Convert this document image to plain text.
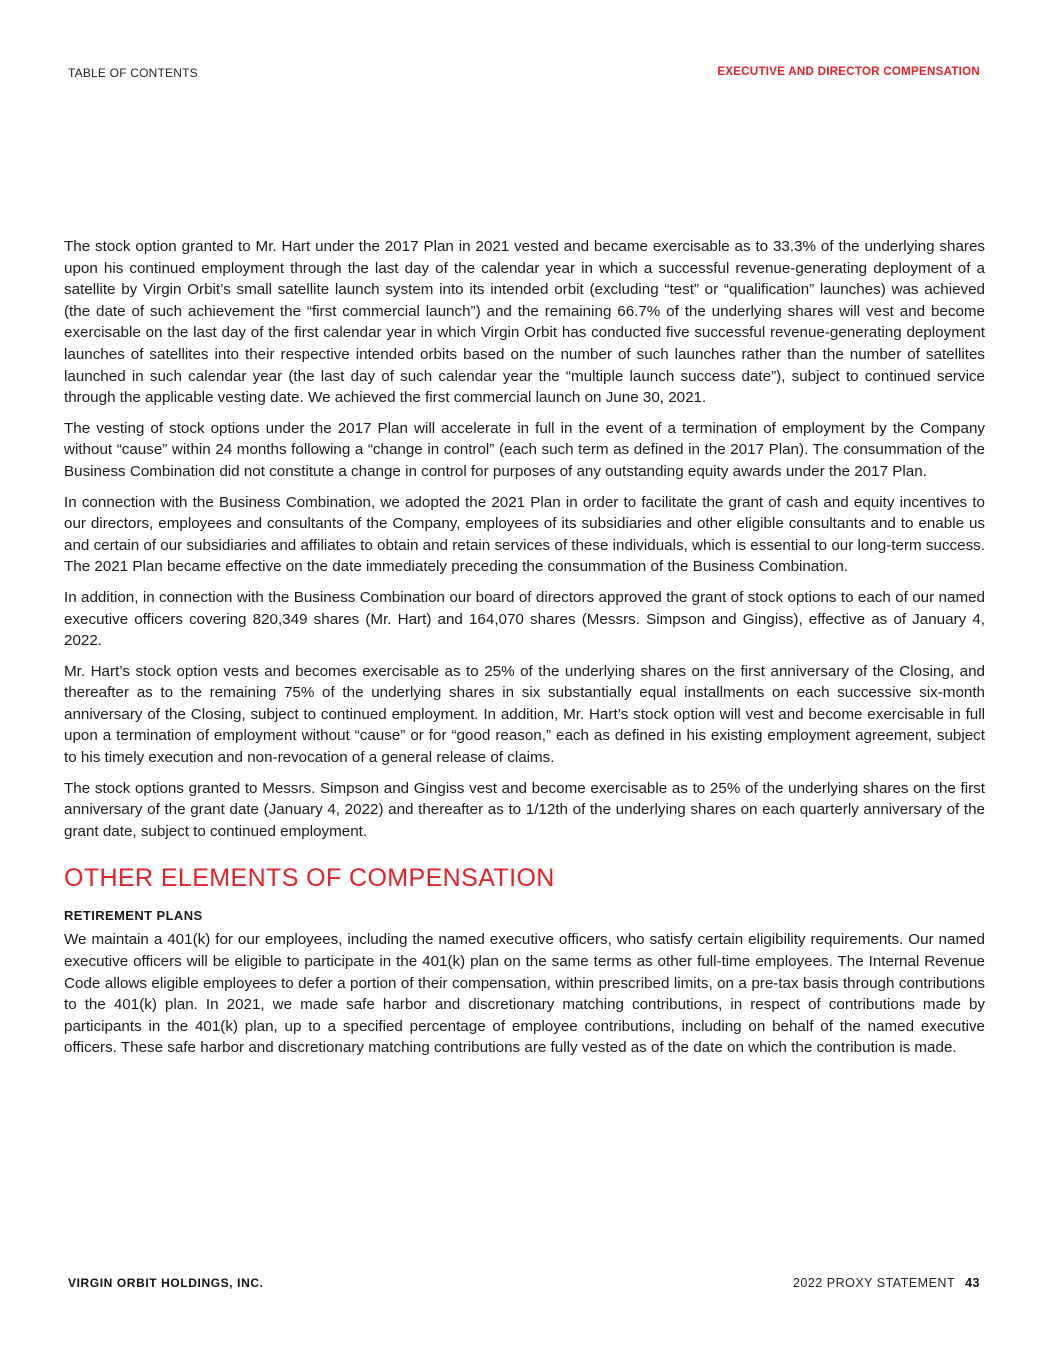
TABLE OF CONTENTS	EXECUTIVE AND DIRECTOR COMPENSATION

The stock option granted to Mr. Hart under the 2017 Plan in 2021 vested and became exercisable as to 33.3% of the underlying shares upon his continued employment through the last day of the calendar year in which a successful revenue-generating deployment of a satellite by Virgin Orbit’s small satellite launch system into its intended orbit (excluding “test” or “qualification” launches) was achieved (the date of such achievement the “first commercial launch”) and the remaining 66.7% of the underlying shares will vest and become exercisable on the last day of the first calendar year in which Virgin Orbit has conducted five successful revenue-generating deployment launches of satellites into their respective intended orbits based on the number of such launches rather than the number of satellites launched in such calendar year (the last day of such calendar year the “multiple launch success date”), subject to continued service through the applicable vesting date. We achieved the first commercial launch on June 30, 2021.

The vesting of stock options under the 2017 Plan will accelerate in full in the event of a termination of employment by the Company without “cause” within 24 months following a “change in control” (each such term as defined in the 2017 Plan). The consummation of the Business Combination did not constitute a change in control for purposes of any outstanding equity awards under the 2017 Plan.

In connection with the Business Combination, we adopted the 2021 Plan in order to facilitate the grant of cash and equity incentives to our directors, employees and consultants of the Company, employees of its subsidiaries and other eligible consultants and to enable us and certain of our subsidiaries and affiliates to obtain and retain services of these individuals, which is essential to our long-term success. The 2021 Plan became effective on the date immediately preceding the consummation of the Business Combination.

In addition, in connection with the Business Combination our board of directors approved the grant of stock options to each of our named executive officers covering 820,349 shares (Mr. Hart) and 164,070 shares (Messrs. Simpson and Gingiss), effective as of January 4, 2022.

Mr. Hart’s stock option vests and becomes exercisable as to 25% of the underlying shares on the first anniversary of the Closing, and thereafter as to the remaining 75% of the underlying shares in six substantially equal installments on each successive six-month anniversary of the Closing, subject to continued employment. In addition, Mr. Hart’s stock option will vest and become exercisable in full upon a termination of employment without “cause” or for “good reason,” each as defined in his existing employment agreement, subject to his timely execution and non-revocation of a general release of claims.

The stock options granted to Messrs. Simpson and Gingiss vest and become exercisable as to 25% of the underlying shares on the first anniversary of the grant date (January 4, 2022) and thereafter as to 1/12th of the underlying shares on each quarterly anniversary of the grant date, subject to continued employment.

OTHER ELEMENTS OF COMPENSATION
RETIREMENT PLANS

We maintain a 401(k) for our employees, including the named executive officers, who satisfy certain eligibility requirements. Our named executive officers will be eligible to participate in the 401(k) plan on the same terms as other full-time employees. The Internal Revenue Code allows eligible employees to defer a portion of their compensation, within prescribed limits, on a pre-tax basis through contributions to the 401(k) plan. In 2021, we made safe harbor and discretionary matching contributions, in respect of contributions made by participants in the 401(k) plan, up to a specified percentage of employee contributions, including on behalf of the named executive officers. These safe harbor and discretionary matching contributions are fully vested as of the date on which the contribution is made.

VIRGIN ORBIT HOLDINGS, INC.	2022 PROXY STATEMENT 43
